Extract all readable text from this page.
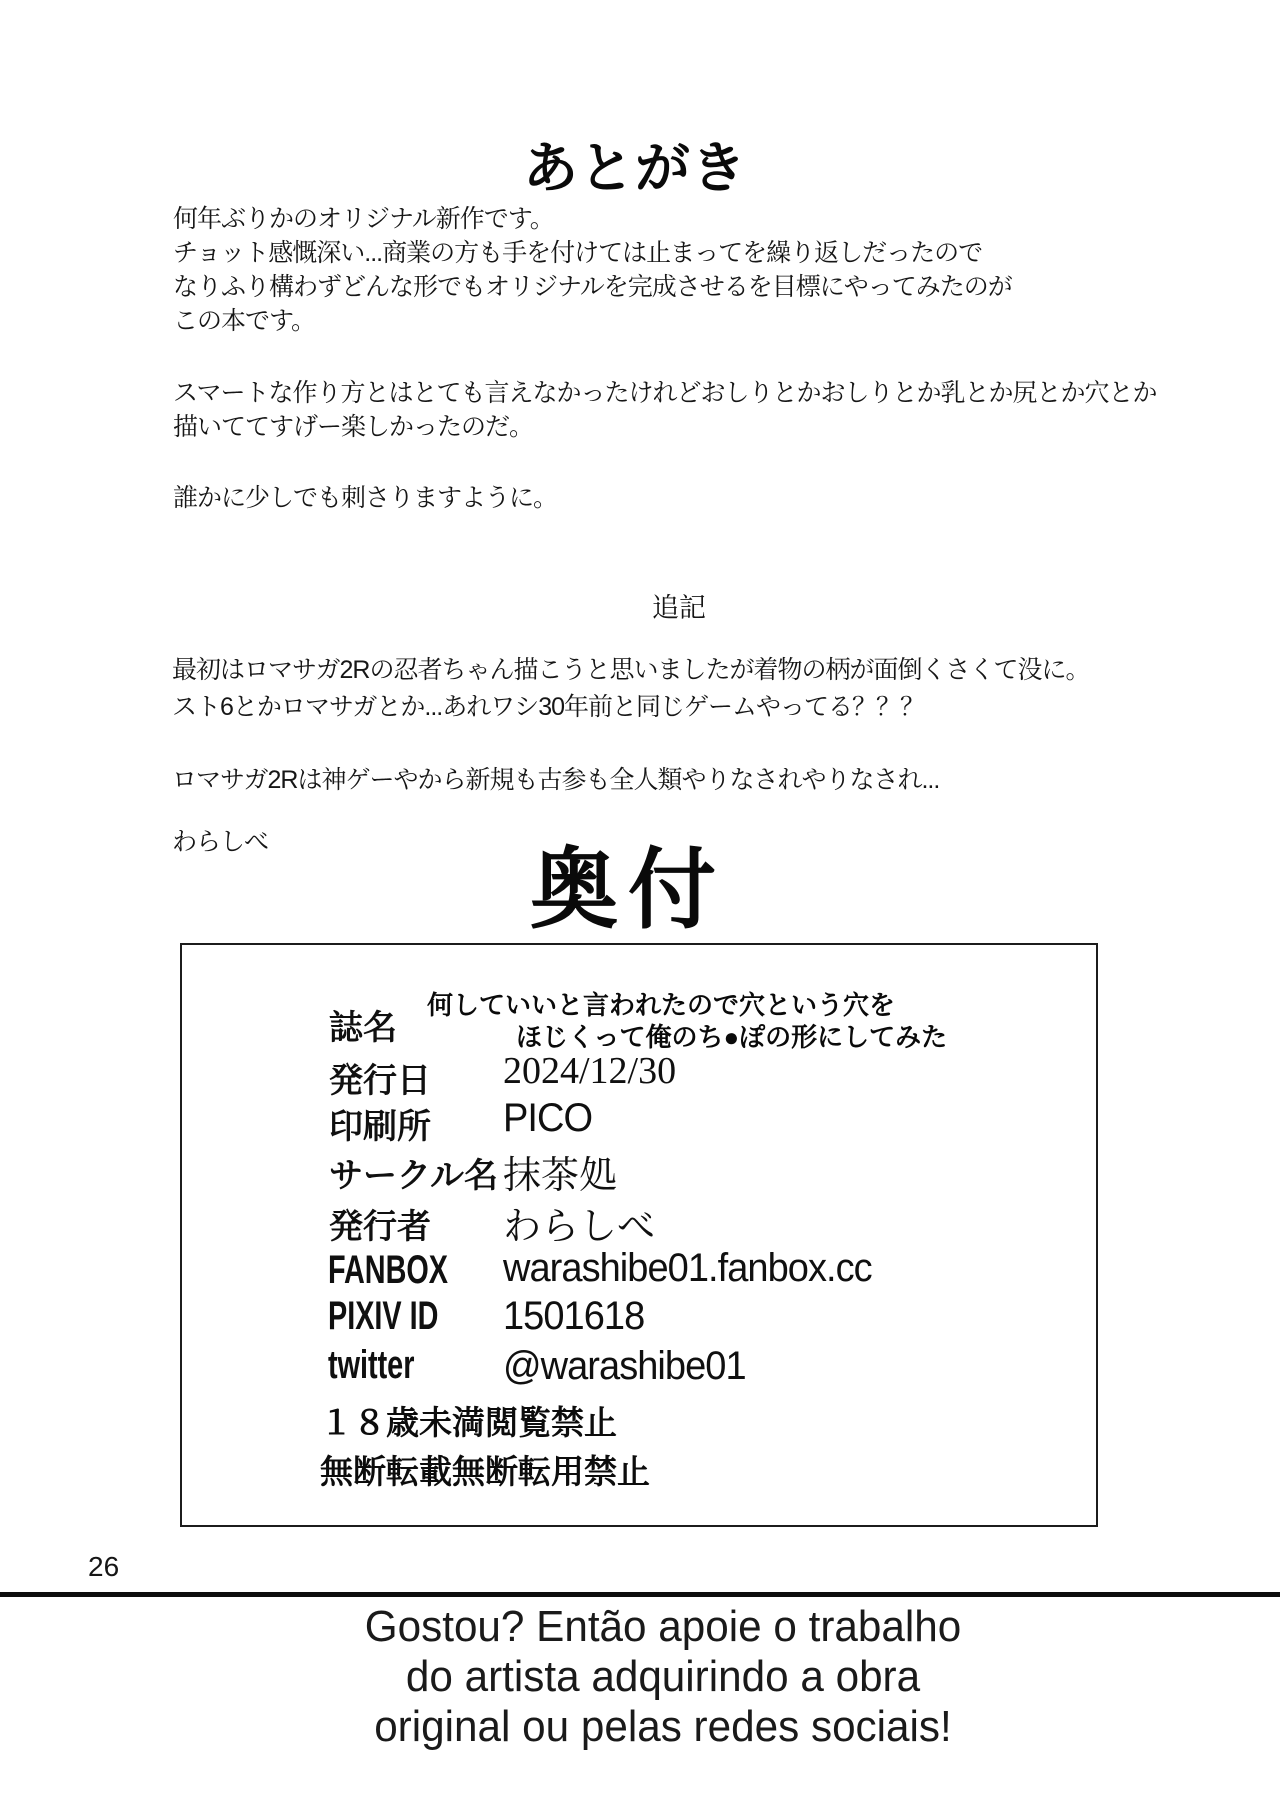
あとがき
何年ぶりかのオリジナル新作です。
チョット感慨深い...商業の方も手を付けては止まってを繰り返しだったので
なりふり構わずどんな形でもオリジナルを完成させるを目標にやってみたのが
この本です。
スマートな作り方とはとても言えなかったけれどおしりとかおしりとか乳とか尻とか穴とか
描いててすげー楽しかったのだ。
誰かに少しでも刺さりますように。
追記
最初はロマサガ2Rの忍者ちゃん描こうと思いましたが着物の柄が面倒くさくて没に。
スト6とかロマサガとか...あれワシ30年前と同じゲームやってる？？？
ロマサガ2Rは神ゲーやから新規も古参も全人類やりなされやりなされ...
わらしべ	奥付
誌名
何していいと言われたので穴という穴を
ほじくって俺のち●ぽの形にしてみた
発行日 2024/12/30
印刷所 PICO
サークル名 抹茶処
発行者 わらしべ
FANBOX warashibe01.fanbox.cc
PIXIV ID 1501618
twitter @warashibe01
１８歳未満閲覧禁止
無断転載無断転用禁止
26
Gostou? Então apoie o trabalho
do artista adquirindo a obra
original ou pelas redes sociais!
